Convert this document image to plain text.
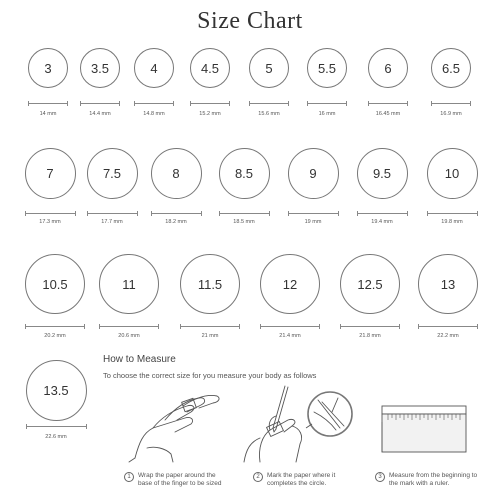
Size Chart
3
14 mm
3.5
14.4 mm
4
14.8 mm
4.5
15.2 mm
5
15.6 mm
5.5
16 mm
6
16.45 mm
6.5
16.9 mm
7
17.3 mm
7.5
17.7 mm
8
18.2 mm
8.5
18.5 mm
9
19 mm
9.5
19.4 mm
10
19.8 mm
10.5
20.2 mm
11
20.6 mm
11.5
21 mm
12
21.4 mm
12.5
21.8 mm
13
22.2 mm
13.5
22.6 mm
How to Measure
To choose the correct size for you measure your body as follows
1	Wrap the paper around the
base of the finger to be sized
2	Mark the paper where it
completes the circle.
3	Measure from the beginning to
the mark with a ruler.
